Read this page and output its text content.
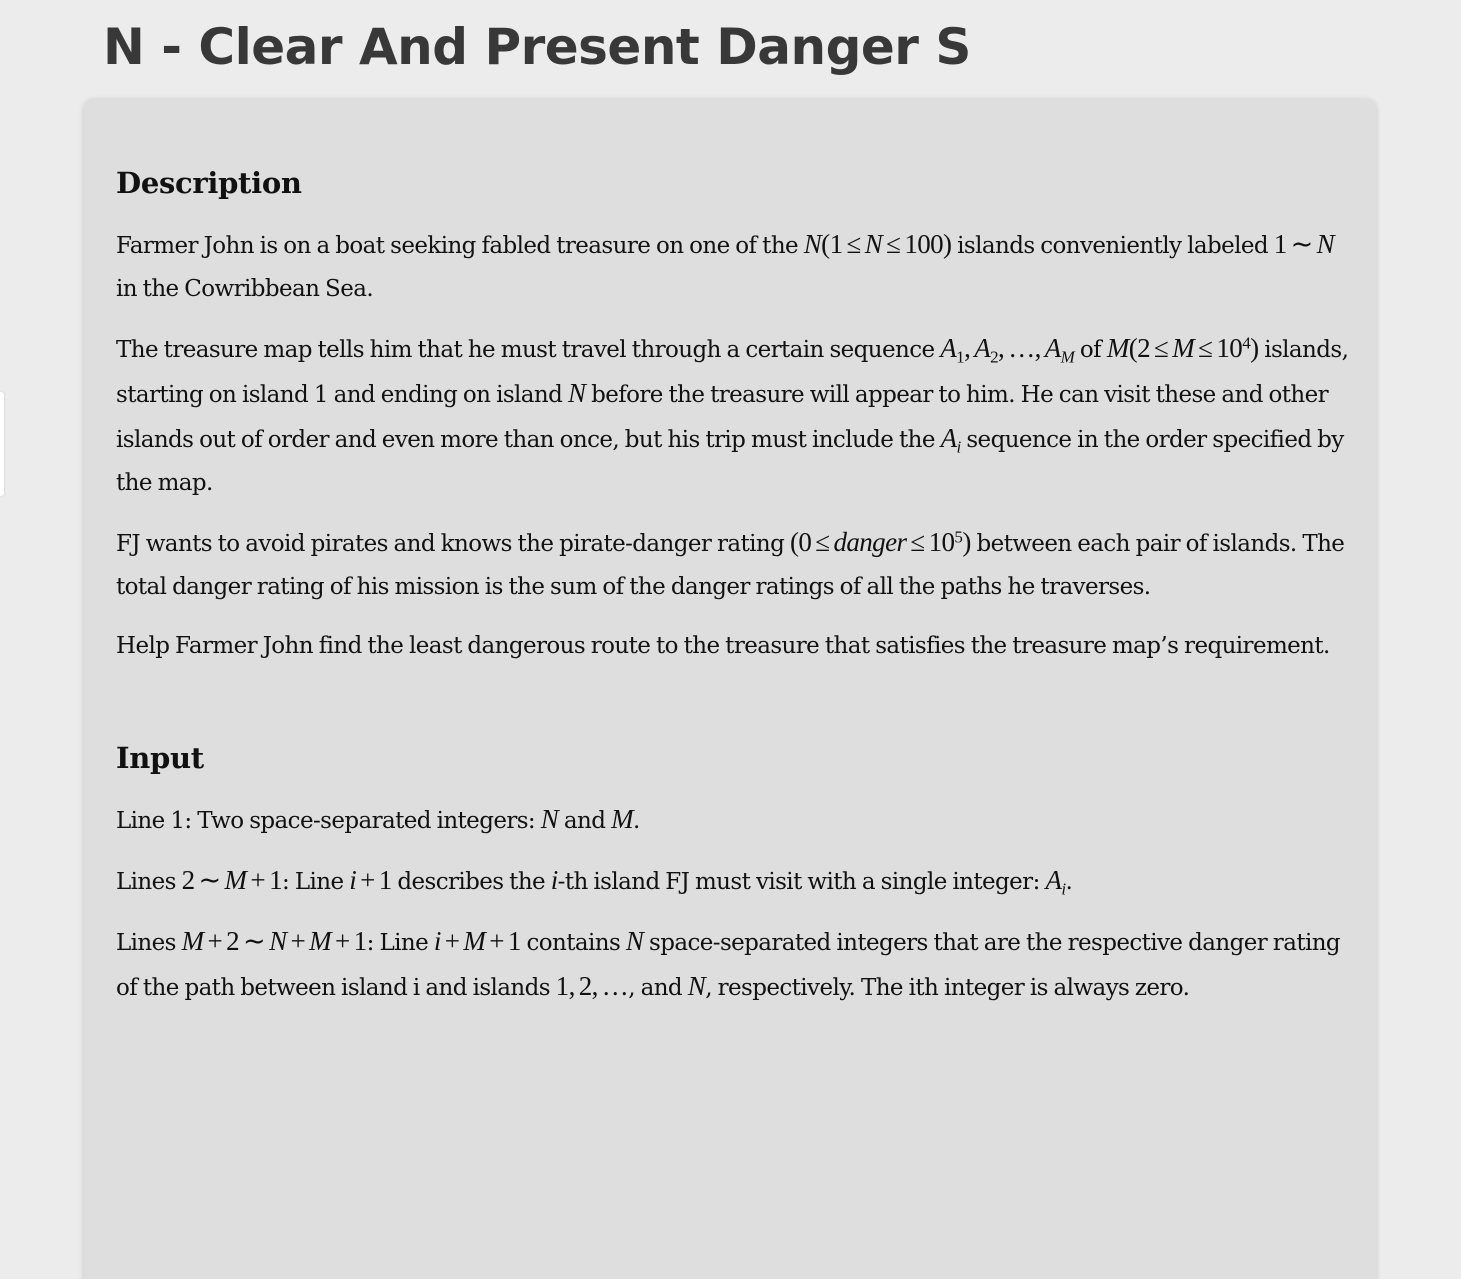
N - Clear And Present Danger S
Description

Farmer John is on a boat seeking fabled treasure on one of the N(1  ≤  N  ≤  100) islands conveniently labeled 1  ∼  N in the Cowribbean Sea.

The treasure map tells him that he must travel through a certain sequence $A_1$,  $A_2$,  …,  $A_M$ of $M(2 \le M \le 10^4)$ islands, starting on island 1 and ending on island N before the treasure will appear to him. He can visit these and other islands out of order and even more than once, but his trip must include the $A_i$ sequence in the order specified by the map.

FJ wants to avoid pirates and knows the pirate-danger rating (0  ≤  danger  ≤  $10^5$) between each pair of islands. The total danger rating of his mission is the sum of the danger ratings of all the paths he traverses.

Help Farmer John find the least dangerous route to the treasure that satisfies the treasure map’s requirement.

Input

Line 1: Two space-separated integers: N and M.

Lines 2  ∼  M  +  1: Line i  +  1 describes the i-th island FJ must visit with a single integer: $A_i$.

Lines M  +  2  ∼  N  +  M  +  1: Line i  +  M  +  1 contains N space-separated integers that are the respective danger rating of the path between island i and islands 1,  2,  …, and N, respectively. The ith integer is always zero.
